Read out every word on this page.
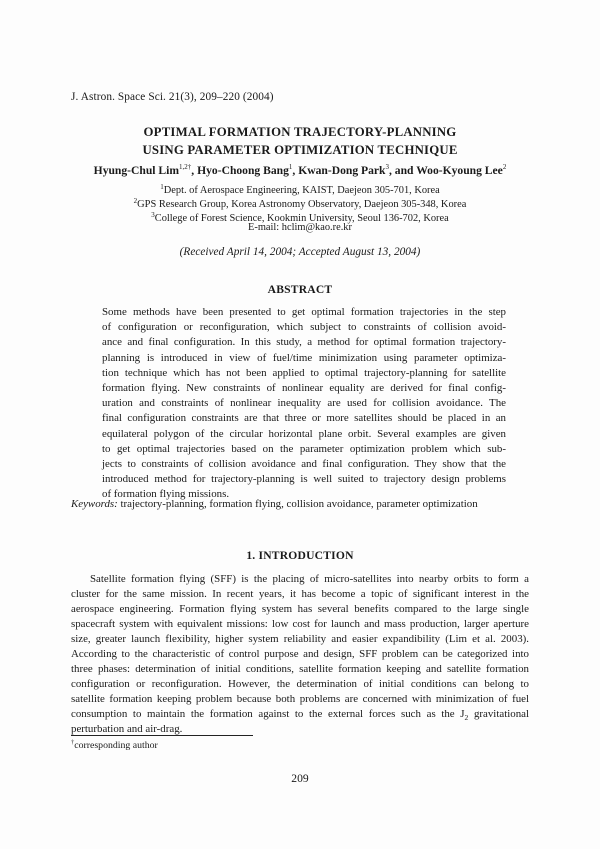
J. Astron. Space Sci. 21(3), 209–220 (2004)
OPTIMAL FORMATION TRAJECTORY-PLANNING
USING PARAMETER OPTIMIZATION TECHNIQUE
Hyung-Chul Lim$^{1,2\dagger}$, Hyo-Choong Bang$^1$, Kwan-Dong Park$^3$, and Woo-Kyoung Lee$^2$
$^1$Dept. of Aerospace Engineering, KAIST, Daejeon 305-701, Korea
$^2$GPS Research Group, Korea Astronomy Observatory, Daejeon 305-348, Korea
$^3$College of Forest Science, Kookmin University, Seoul 136-702, Korea
E-mail: hclim@kao.re.kr
(Received April 14, 2004; Accepted August 13, 2004)
ABSTRACT
Some methods have been presented to get optimal formation trajectories in the step
of configuration or reconfiguration, which subject to constraints of collision avoid-
ance and final configuration. In this study, a method for optimal formation trajectory-
planning is introduced in view of fuel/time minimization using parameter optimiza-
tion technique which has not been applied to optimal trajectory-planning for satellite
formation flying. New constraints of nonlinear equality are derived for final config-
uration and constraints of nonlinear inequality are used for collision avoidance. The
final configuration constraints are that three or more satellites should be placed in an
equilateral polygon of the circular horizontal plane orbit. Several examples are given
to get optimal trajectories based on the parameter optimization problem which sub-
jects to constraints of collision avoidance and final configuration. They show that the
introduced method for trajectory-planning is well suited to trajectory design problems
of formation flying missions.
Keywords: trajectory-planning, formation flying, collision avoidance, parameter optimization
1. INTRODUCTION
Satellite formation flying (SFF) is the placing of micro-satellites into nearby orbits to form a
cluster for the same mission. In recent years, it has become a topic of significant interest in the
aerospace engineering. Formation flying system has several benefits compared to the large single
spacecraft system with equivalent missions: low cost for launch and mass production, larger aperture
size, greater launch flexibility, higher system reliability and easier expandibility (Lim et al. 2003).
According to the characteristic of control purpose and design, SFF problem can be categorized into
three phases: determination of initial conditions, satellite formation keeping and satellite formation
configuration or reconfiguration. However, the determination of initial conditions can belong to
satellite formation keeping problem because both problems are concerned with minimization of fuel
consumption to maintain the formation against to the external forces such as the $J_2$ gravitational
perturbation and air-drag.
†corresponding author
209
